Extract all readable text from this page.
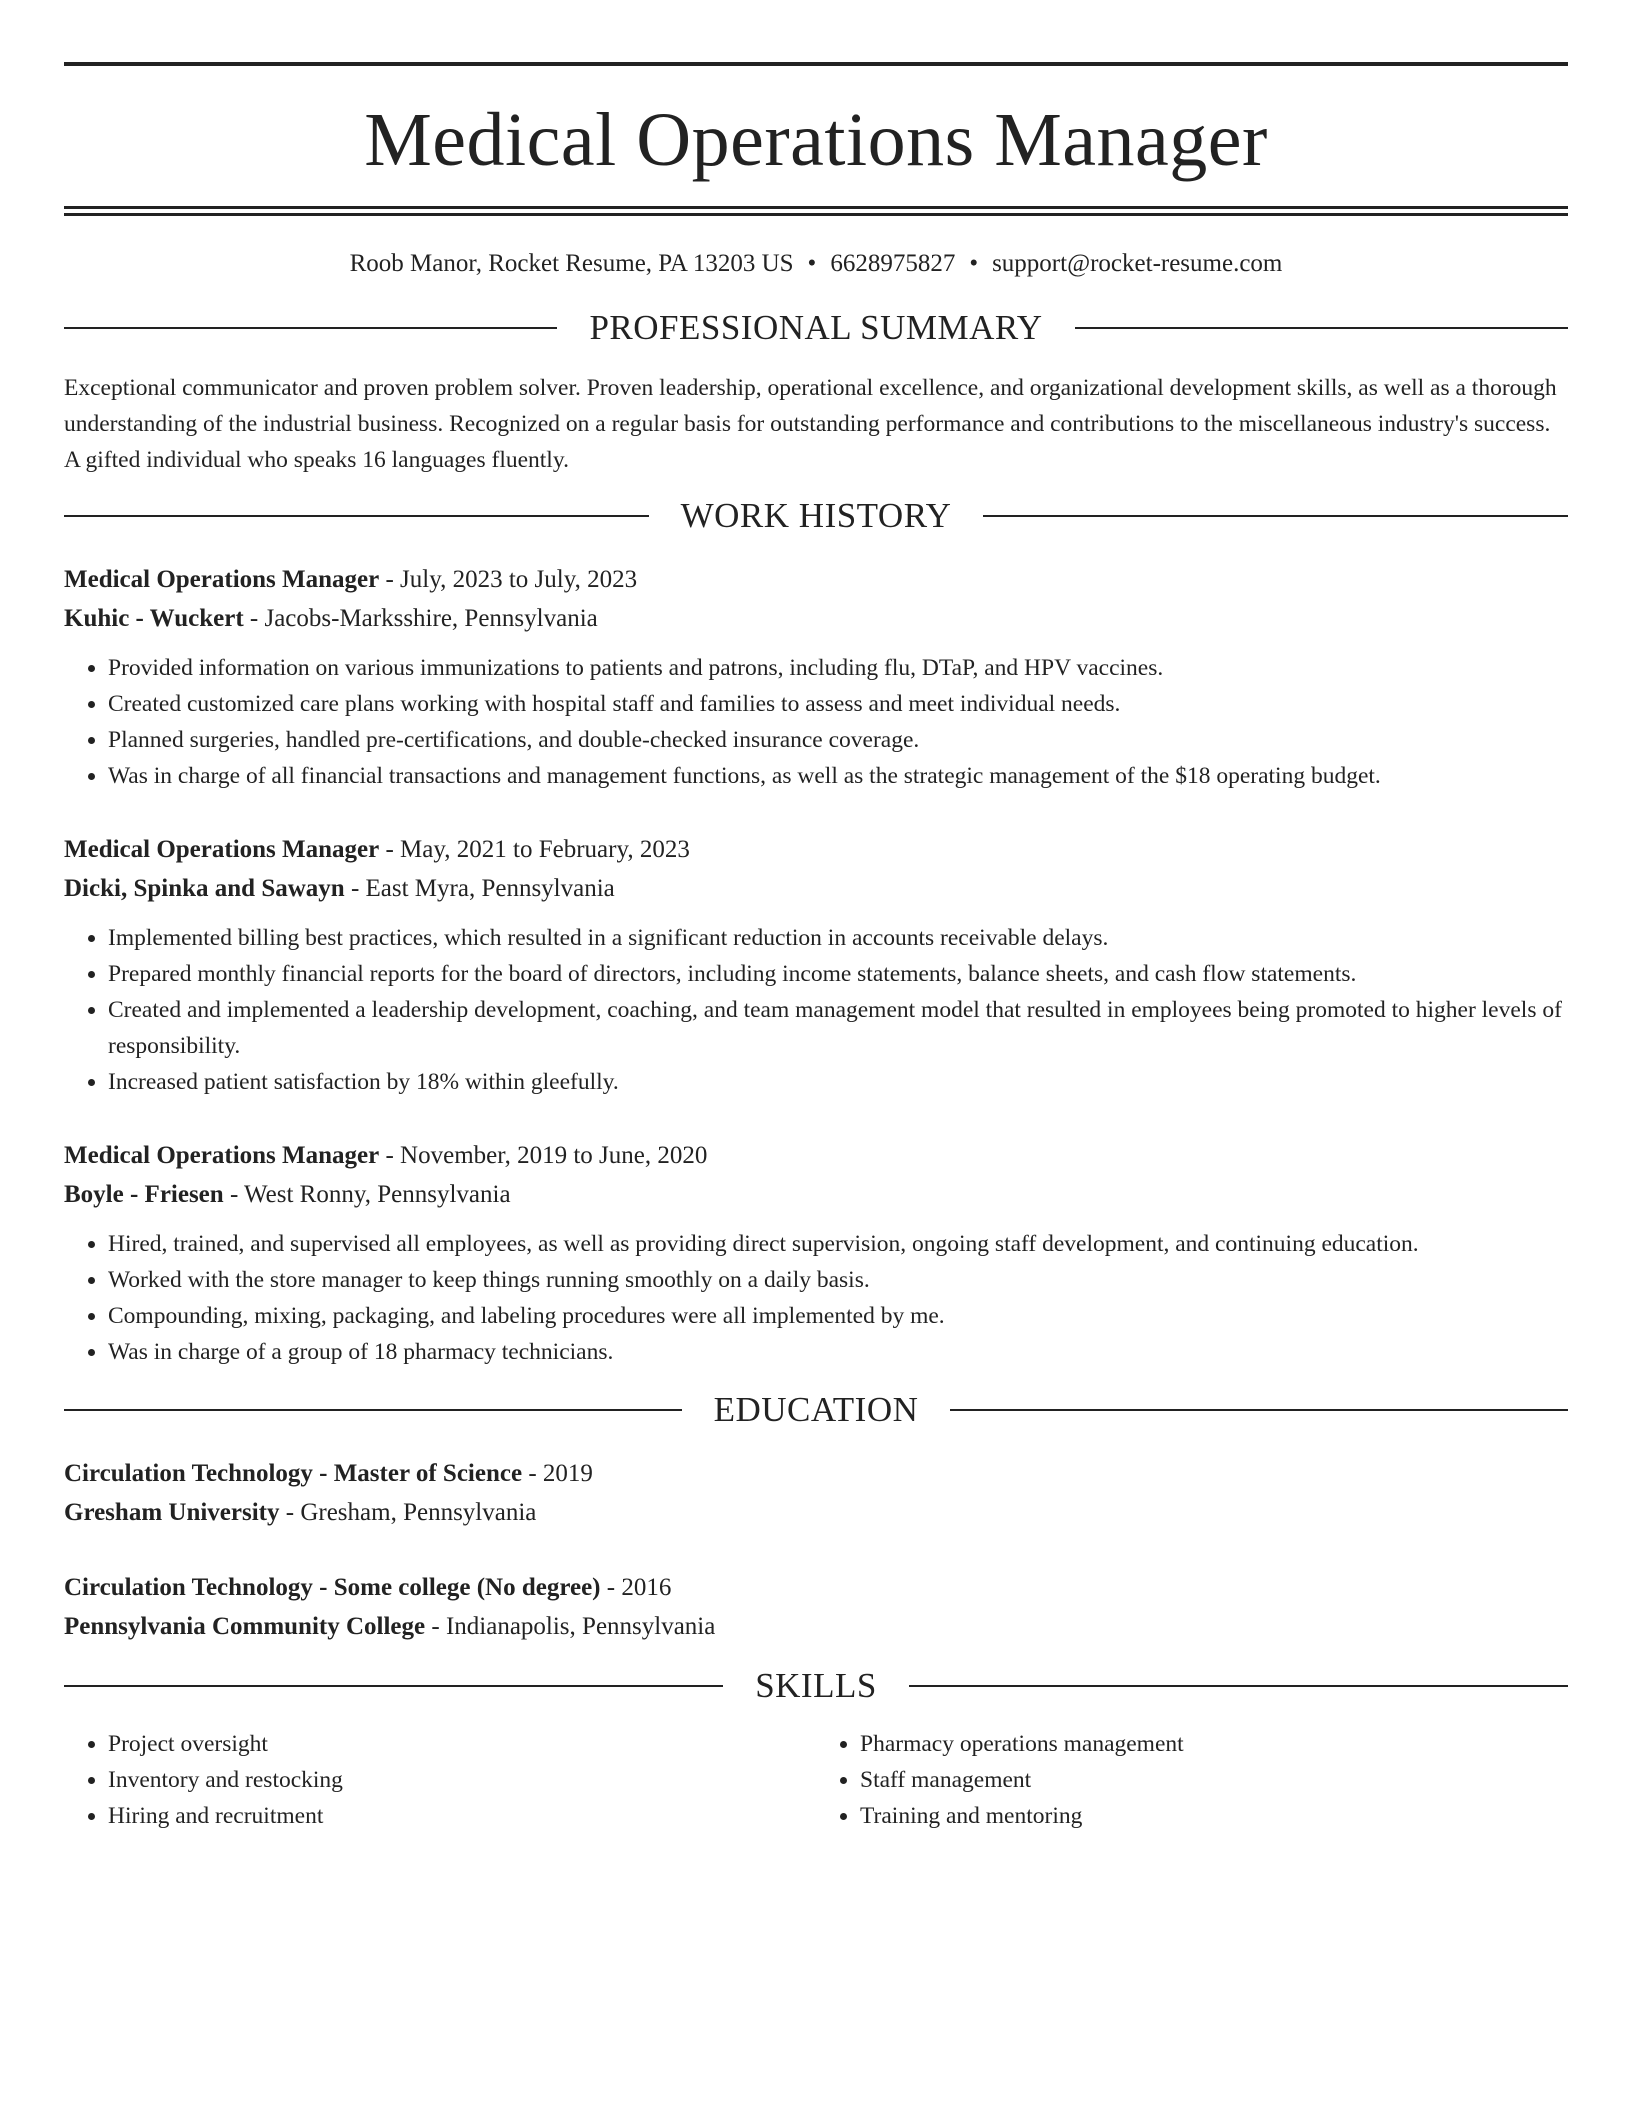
Medical Operations Manager
Roob Manor, Rocket Resume, PA 13203 US • 6628975827 • support@rocket-resume.com
PROFESSIONAL SUMMARY
Exceptional communicator and proven problem solver. Proven leadership, operational excellence, and organizational development skills, as well as a thorough understanding of the industrial business. Recognized on a regular basis for outstanding performance and contributions to the miscellaneous industry's success. A gifted individual who speaks 16 languages fluently.
WORK HISTORY
Medical Operations Manager - July, 2023 to July, 2023
Kuhic - Wuckert - Jacobs-Marksshire, Pennsylvania
• Provided information on various immunizations to patients and patrons, including flu, DTaP, and HPV vaccines.
• Created customized care plans working with hospital staff and families to assess and meet individual needs.
• Planned surgeries, handled pre-certifications, and double-checked insurance coverage.
• Was in charge of all financial transactions and management functions, as well as the strategic management of the $18 operating budget.
Medical Operations Manager - May, 2021 to February, 2023
Dicki, Spinka and Sawayn - East Myra, Pennsylvania
• Implemented billing best practices, which resulted in a significant reduction in accounts receivable delays.
• Prepared monthly financial reports for the board of directors, including income statements, balance sheets, and cash flow statements.
• Created and implemented a leadership development, coaching, and team management model that resulted in employees being promoted to higher levels of responsibility.
• Increased patient satisfaction by 18% within gleefully.
Medical Operations Manager - November, 2019 to June, 2020
Boyle - Friesen - West Ronny, Pennsylvania
• Hired, trained, and supervised all employees, as well as providing direct supervision, ongoing staff development, and continuing education.
• Worked with the store manager to keep things running smoothly on a daily basis.
• Compounding, mixing, packaging, and labeling procedures were all implemented by me.
• Was in charge of a group of 18 pharmacy technicians.
EDUCATION
Circulation Technology - Master of Science - 2019
Gresham University - Gresham, Pennsylvania
Circulation Technology - Some college (No degree) - 2016
Pennsylvania Community College - Indianapolis, Pennsylvania
SKILLS
• Project oversight
• Inventory and restocking
• Hiring and recruitment
• Pharmacy operations management
• Staff management
• Training and mentoring
